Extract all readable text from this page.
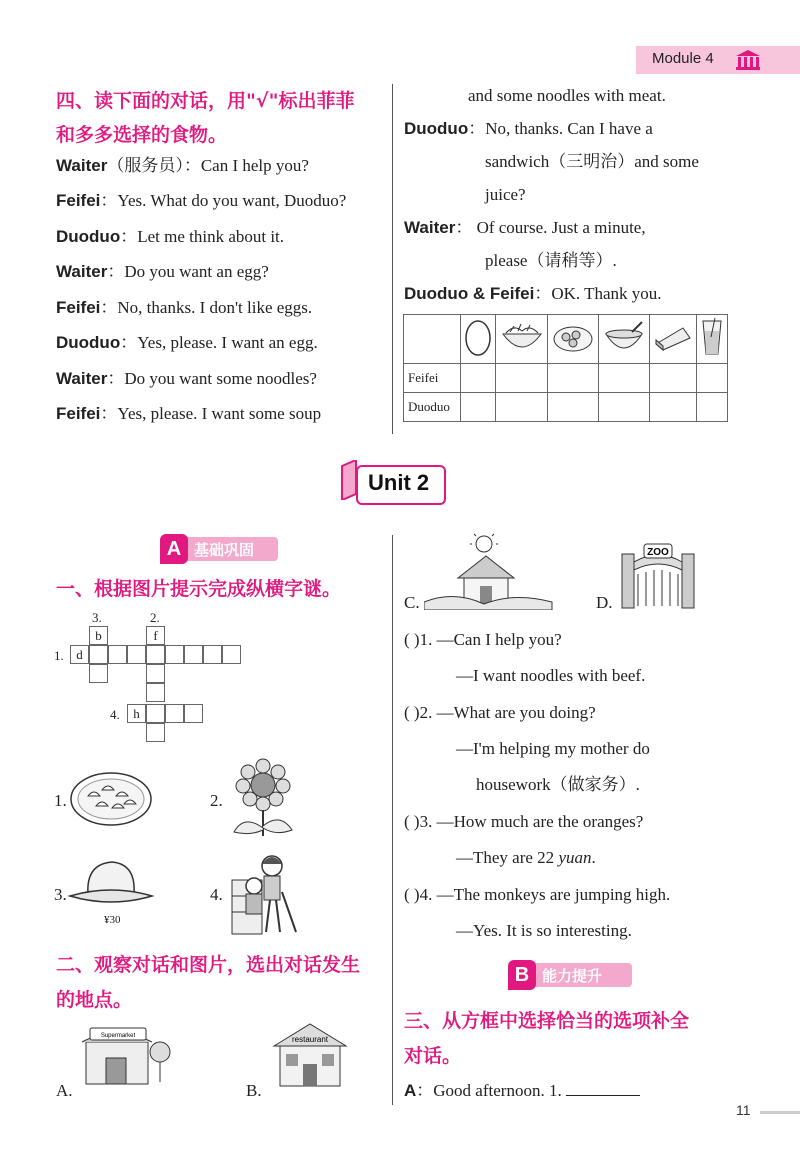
Module 4
四、读下面的对话，用"√"标出菲菲
和多多选择的食物。
Waiter（服务员）：Can I help you?
Feifei：Yes. What do you want, Duoduo?
Duoduo：Let me think about it.
Waiter：Do you want an egg?
Feifei：No, thanks. I don't like eggs.
Duoduo：Yes, please. I want an egg.
Waiter：Do you want some noodles?
Feifei：Yes, please. I want some soup
and some noodles with meat.
Duoduo：No, thanks. Can I have a
sandwich（三明治）and some
juice?
Waiter： Of course. Just a minute,
please（请稍等）.
Duoduo & Feifei：OK. Thank you.

Feifei						
Duoduo						
Unit 2
A 基础巩固
一、根据图片提示完成纵横字谜。
3.	2.
1.
4.
b	f
d
h
1.	2.
3.
¥30
4.
二、观察对话和图片，选出对话发生
的地点。
A.
Supermarket
B.
restaurant
C.	D.
ZOO
( )1. —Can I help you?
—I want noodles with beef.
( )2. —What are you doing?
—I'm helping my mother do
housework（做家务）.
( )3. —How much are the oranges?
—They are 22 yuan.
( )4. —The monkeys are jumping high.
—Yes. It is so interesting.
B 能力提升
三、从方框中选择恰当的选项补全
对话。
A：Good afternoon. 1.
11
